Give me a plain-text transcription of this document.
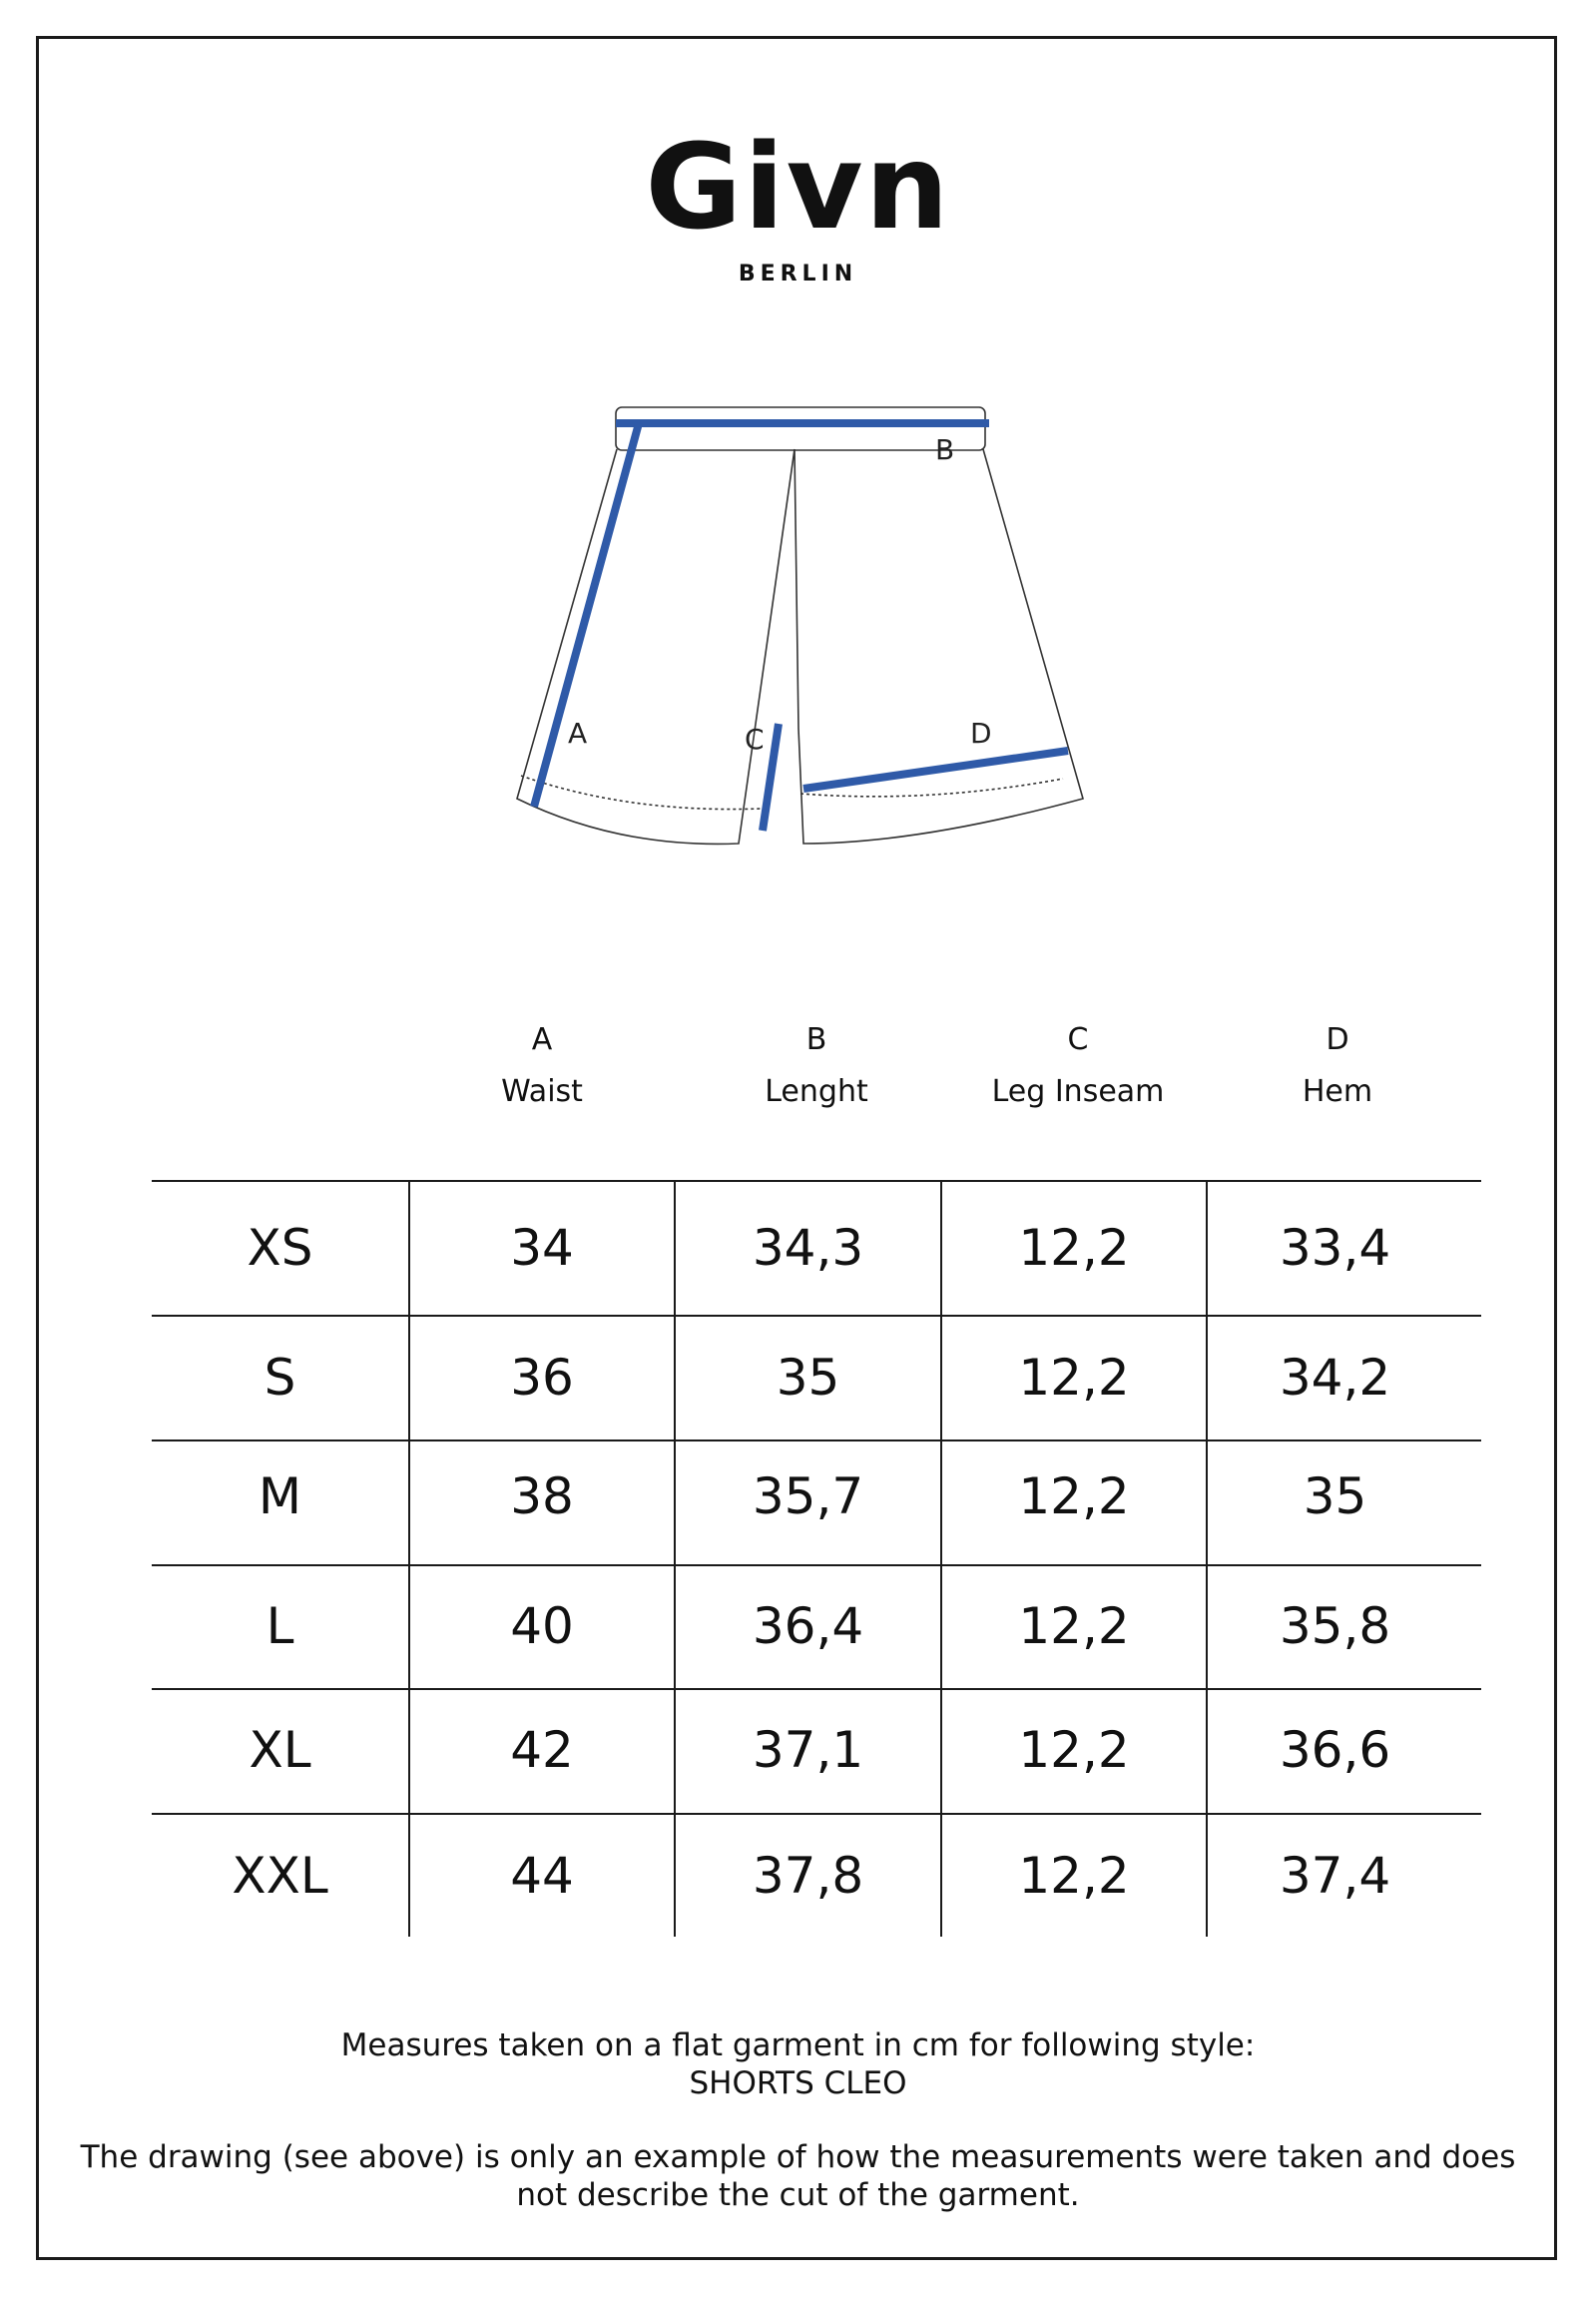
Givn
BERLIN
A
B
C	D
A
Waist
B
Lenght
C
Leg Inseam
D
Hem
XS	34	34,3	12,2	33,4
S	36	35	12,2	34,2
M	38	35,7	12,2	35
L	40	36,4	12,2	35,8
XL	42	37,1	12,2	36,6
XXL	44	37,8	12,2	37,4
Measures taken on a flat garment in cm for following style:
SHORTS CLEO
The drawing (see above) is only an example of how the measurements were taken and does
not describe the cut of the garment.
